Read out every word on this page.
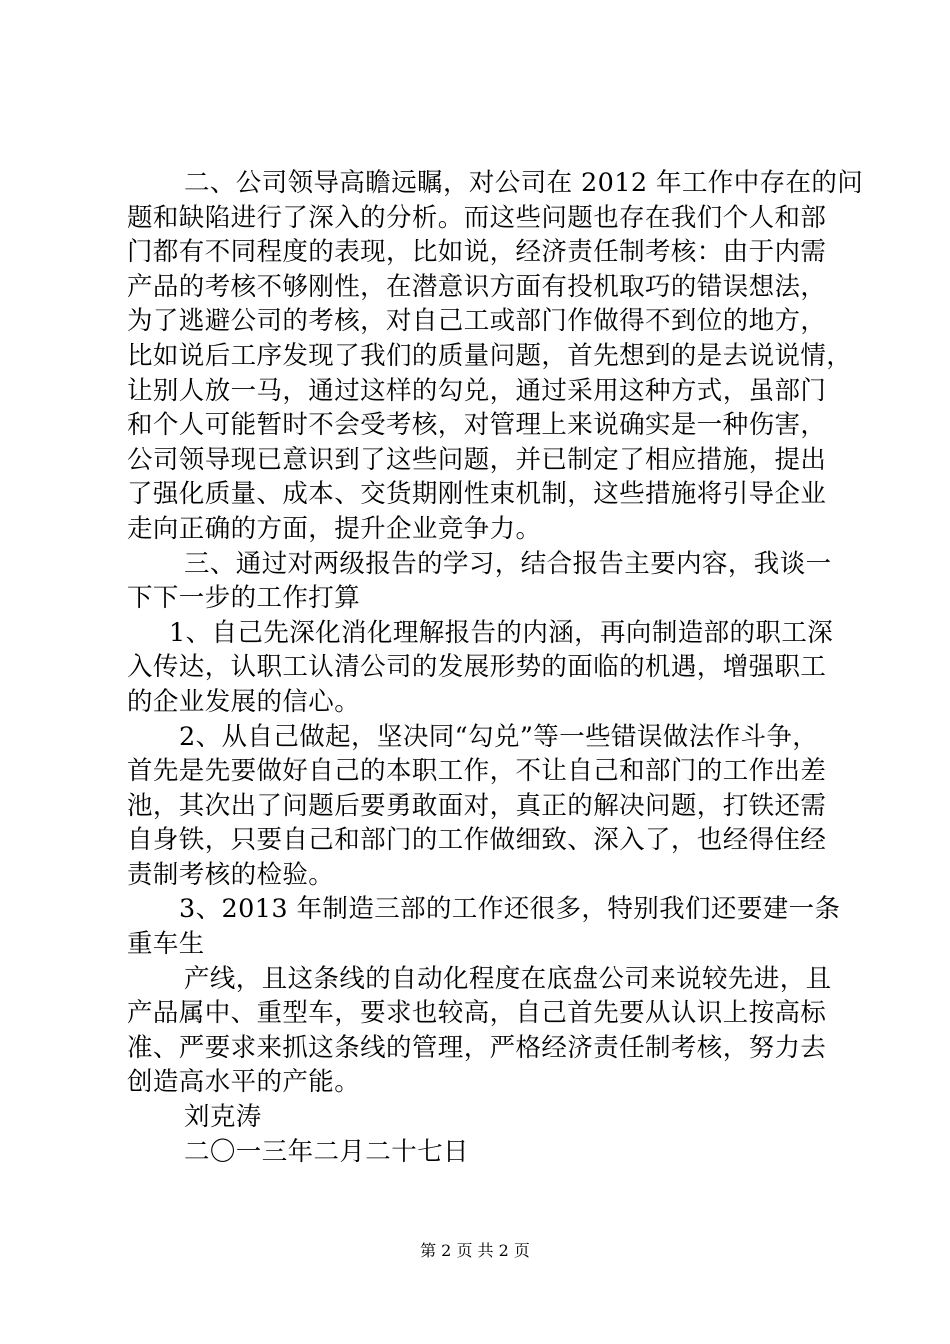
二、公司领导高瞻远瞩，对公司在 2012 年工作中存在的问
题和缺陷进行了深入的分析。而这些问题也存在我们个人和部
门都有不同程度的表现，比如说，经济责任制考核：由于内需
产品的考核不够刚性，在潜意识方面有投机取巧的错误想法，
为了逃避公司的考核，对自己工或部门作做得不到位的地方，
比如说后工序发现了我们的质量问题，首先想到的是去说说情，
让别人放一马，通过这样的勾兑，通过采用这种方式，虽部门
和个人可能暂时不会受考核，对管理上来说确实是一种伤害，
公司领导现已意识到了这些问题，并已制定了相应措施，提出
了强化质量、成本、交货期刚性束机制，这些措施将引导企业
走向正确的方面，提升企业竞争力。
三、通过对两级报告的学习，结合报告主要内容，我谈一
下下一步的工作打算
1、自己先深化消化理解报告的内涵，再向制造部的职工深
入传达，认职工认清公司的发展形势的面临的机遇，增强职工
的企业发展的信心。
2、从自己做起，坚决同“勾兑”等一些错误做法作斗争，
首先是先要做好自己的本职工作，不让自己和部门的工作出差
池，其次出了问题后要勇敢面对，真正的解决问题，打铁还需
自身铁，只要自己和部门的工作做细致、深入了，也经得住经
责制考核的检验。
3、2013 年制造三部的工作还很多，特别我们还要建一条
重车生
产线，且这条线的自动化程度在底盘公司来说较先进，且
产品属中、重型车，要求也较高，自己首先要从认识上按高标
准、严要求来抓这条线的管理，严格经济责任制考核，努力去
创造高水平的产能。
刘克涛
二〇一三年二月二十七日
第 2 页 共 2 页
